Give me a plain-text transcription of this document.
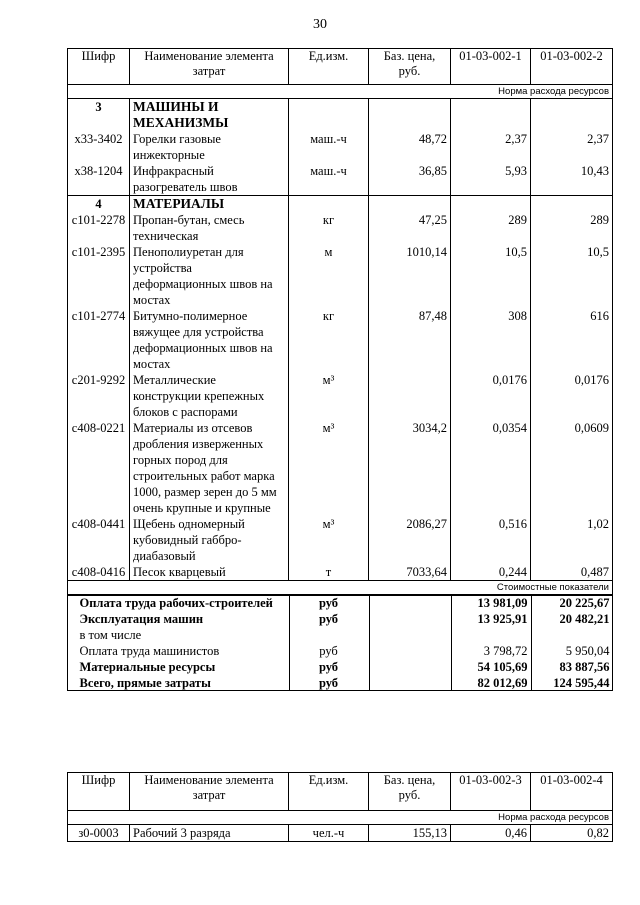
30
Шифр	Наименование элемента затрат	Ед.изм.	Баз. цена, руб.	01-03-002-1	01-03-002-2
Норма расхода ресурсов					
3	МАШИНЫ И МЕХАНИЗМЫ				
х33-3402	Горелки газовые инжекторные	маш.-ч	48,72	2,37	2,37
х38-1204	Инфракрасный разогреватель швов	маш.-ч	36,85	5,93	10,43
4	МАТЕРИАЛЫ				
с101-2278	Пропан-бутан, смесь техническая	кг	47,25	289	289
с101-2395	Пенополиуретан для устройства деформационных швов на мостах	м	1010,14	10,5	10,5
с101-2774	Битумно-полимерное вяжущее для устройства деформационных швов на мостах	кг	87,48	308	616
с201-9292	Металлические конструкции крепежных блоков с распорами	м³		0,0176	0,0176
с408-0221	Материалы из отсевов дробления изверженных горных пород для строительных работ марка 1000, размер зерен до 5 мм очень крупные и крупные	м³	3034,2	0,0354	0,0609
с408-0441	Щебень одномерный кубовидный габбро-диабазовый	м³	2086,27	0,516	1,02
с408-0416	Песок кварцевый	т	7033,64	0,244	0,487
Стоимостные показатели					
Оплата труда рабочих-строителей		руб		13 981,09	20 225,67
Эксплуатация машин		руб		13 925,91	20 482,21
в том числе					
Оплата труда машинистов		руб		3 798,72	5 950,04
Материальные ресурсы		руб		54 105,69	83 887,56
Всего, прямые затраты		руб		82 012,69	124 595,44
Шифр	Наименование элемента затрат	Ед.изм.	Баз. цена, руб.	01-03-002-3	01-03-002-4
Норма расхода ресурсов					
з0-0003	Рабочий 3 разряда	чел.-ч	155,13	0,46	0,82
